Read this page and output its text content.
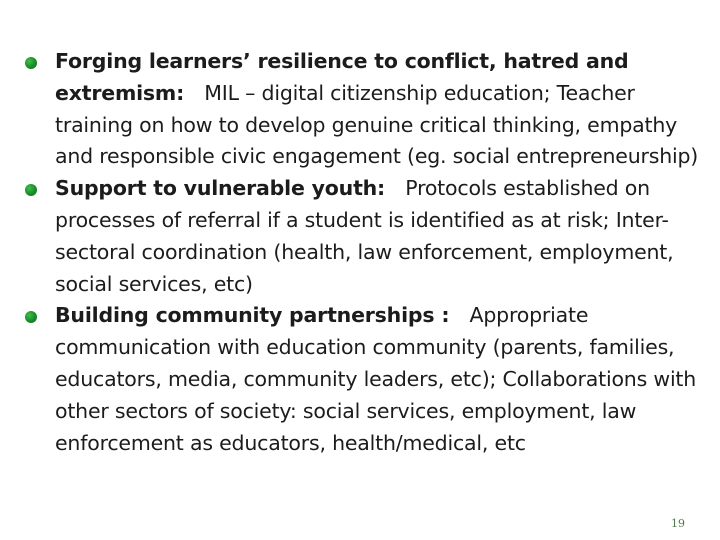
Forging learners’ resilience to conflict, hatred and extremism:   MIL – digital citizenship education; Teacher training on how to develop genuine critical thinking, empathy and responsible civic engagement (eg. social entrepreneurship)
Support to vulnerable youth:   Protocols established on processes of referral if a student is identified as at risk; Inter-sectoral coordination (health, law enforcement, employment, social services, etc)
Building community partnerships :   Appropriate communication with education community (parents, families, educators, media, community leaders, etc); Collaborations with other sectors of society: social services, employment, law enforcement as educators, health/medical, etc
19
